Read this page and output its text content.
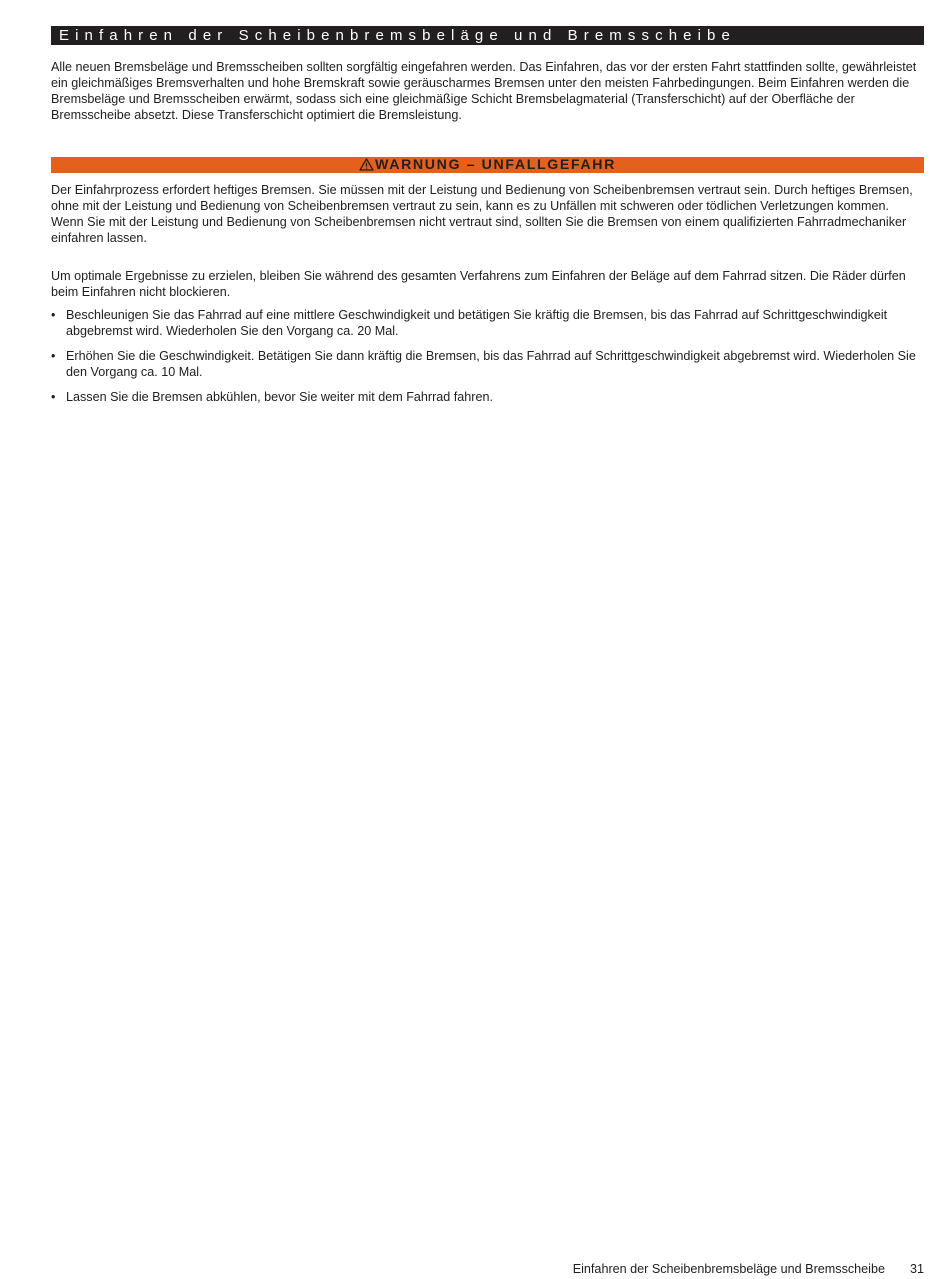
Einfahren der Scheibenbremsbeläge und Bremsscheibe

Alle neuen Bremsbeläge und Bremsscheiben sollten sorgfältig eingefahren werden. Das Einfahren, das vor der ersten Fahrt stattfinden sollte, gewährleistet ein gleichmäßiges Bremsverhalten und hohe Bremskraft sowie geräuscharmes Bremsen unter den meisten Fahrbedingungen. Beim Einfahren werden die Bremsbeläge und Bremsscheiben erwärmt, sodass sich eine gleichmäßige Schicht Bremsbelagmaterial (Transferschicht) auf der Oberfläche der Bremsscheibe absetzt. Diese Transferschicht optimiert die Bremsleistung.

WARNUNG – UNFALLGEFAHR

Der Einfahrprozess erfordert heftiges Bremsen. Sie müssen mit der Leistung und Bedienung von Scheibenbremsen vertraut sein. Durch heftiges Bremsen, ohne mit der Leistung und Bedienung von Scheibenbremsen vertraut zu sein, kann es zu Unfällen mit schweren oder tödlichen Verletzungen kommen. Wenn Sie mit der Leistung und Bedienung von Scheibenbremsen nicht vertraut sind, sollten Sie die Bremsen von einem qualifizierten Fahrradmechaniker einfahren lassen.

Um optimale Ergebnisse zu erzielen, bleiben Sie während des gesamten Verfahrens zum Einfahren der Beläge auf dem Fahrrad sitzen. Die Räder dürfen beim Einfahren nicht blockieren.

• Beschleunigen Sie das Fahrrad auf eine mittlere Geschwindigkeit und betätigen Sie kräftig die Bremsen, bis das Fahrrad auf Schrittgeschwindigkeit abgebremst wird. Wiederholen Sie den Vorgang ca. 20 Mal.
• Erhöhen Sie die Geschwindigkeit. Betätigen Sie dann kräftig die Bremsen, bis das Fahrrad auf Schrittgeschwindigkeit abgebremst wird. Wiederholen Sie den Vorgang ca. 10 Mal.
• Lassen Sie die Bremsen abkühlen, bevor Sie weiter mit dem Fahrrad fahren.
Einfahren der Scheibenbremsbeläge und Bremsscheibe 31
